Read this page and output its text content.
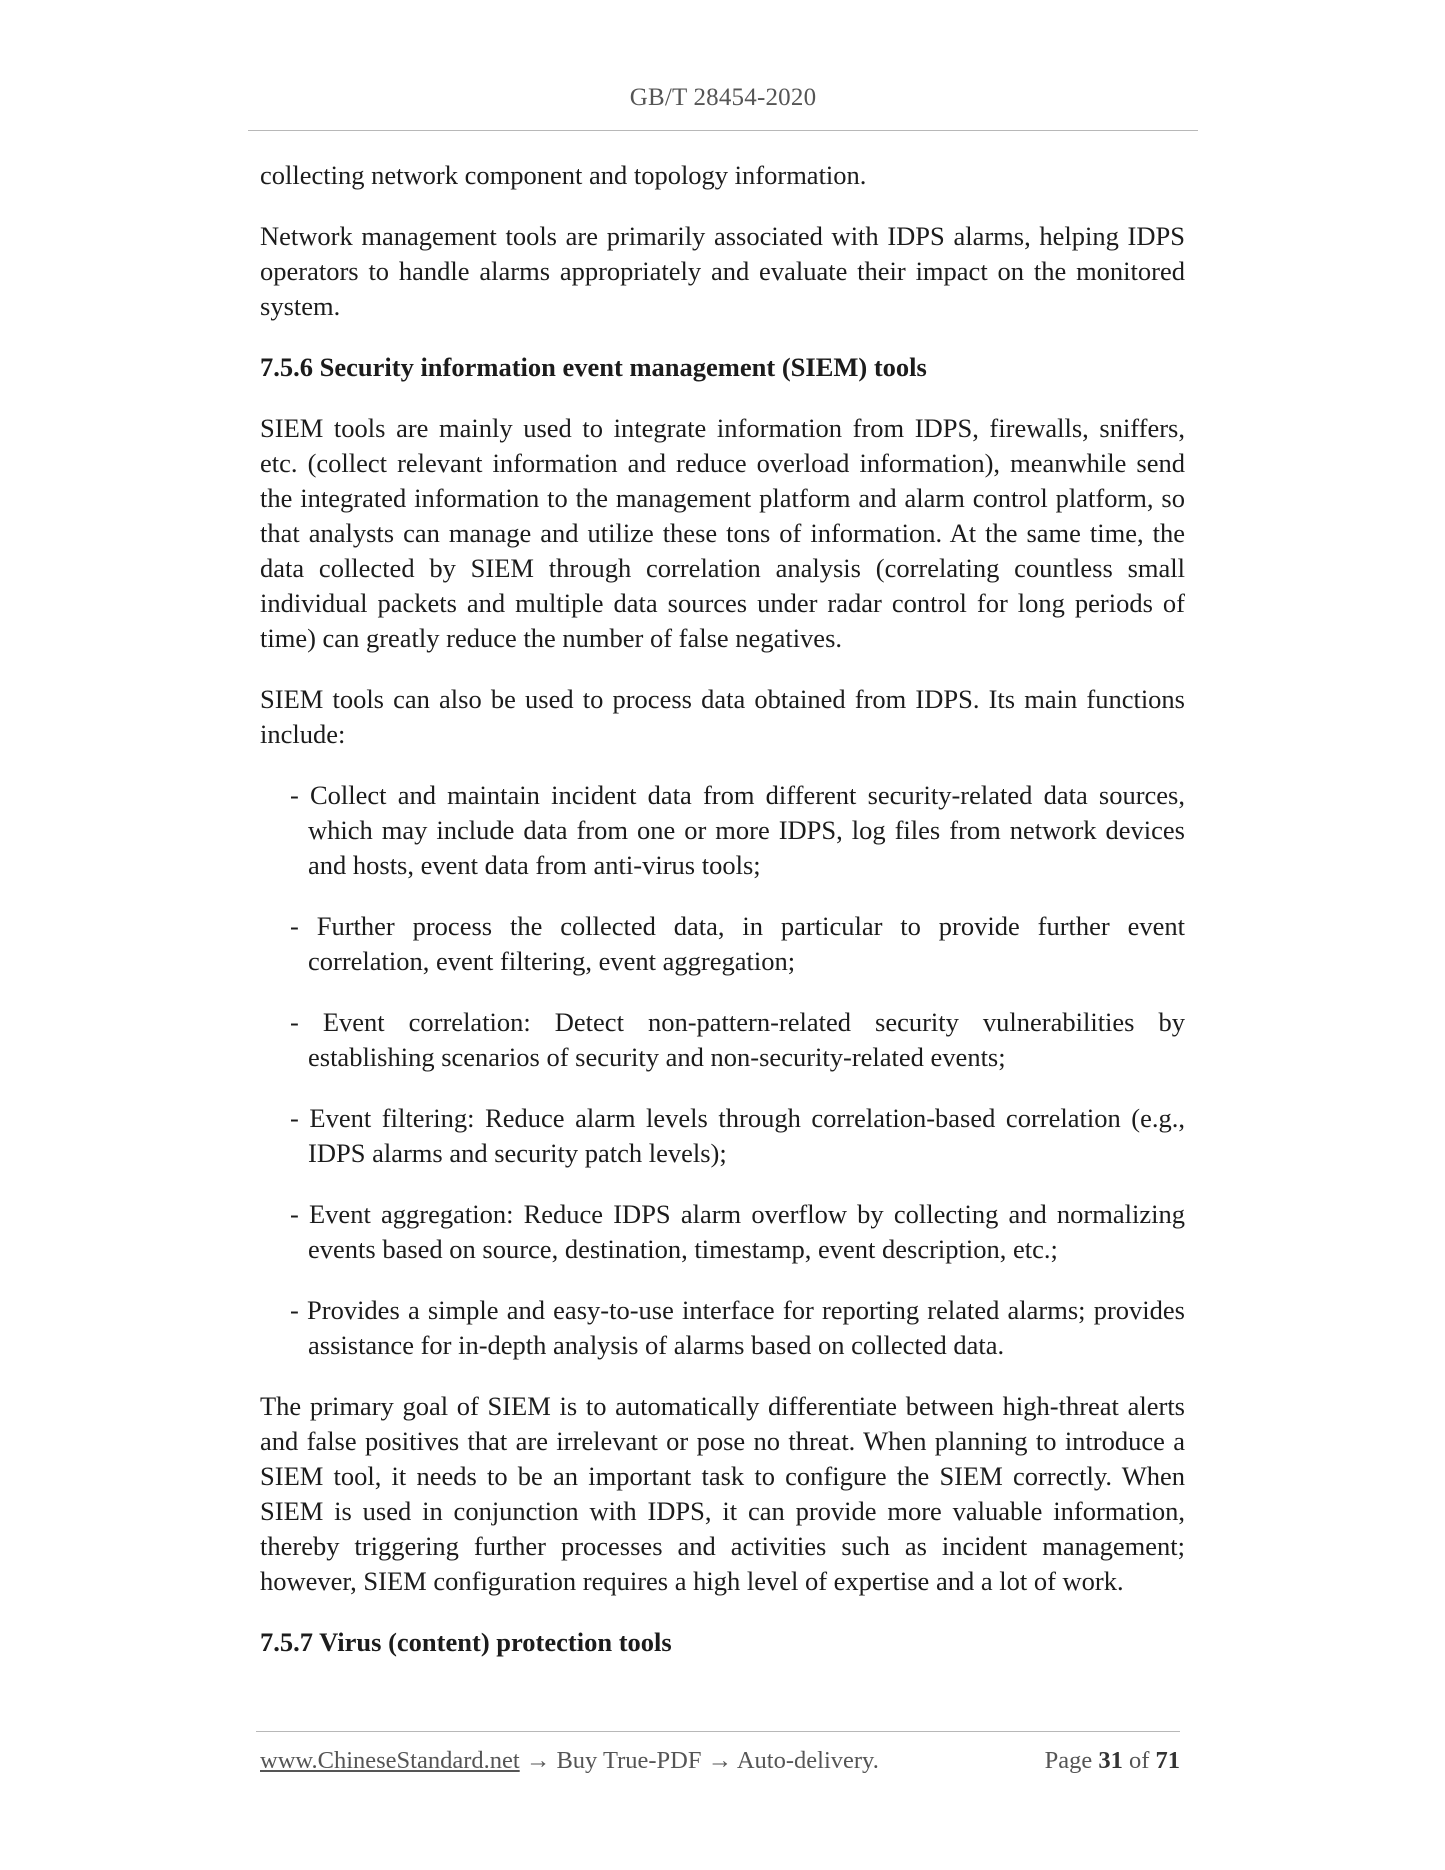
GB/T 28454-2020

collecting network component and topology information.

Network management tools are primarily associated with IDPS alarms, helping IDPS operators to handle alarms appropriately and evaluate their impact on the monitored system.

7.5.6 Security information event management (SIEM) tools

SIEM tools are mainly used to integrate information from IDPS, firewalls, sniffers, etc. (collect relevant information and reduce overload information), meanwhile send the integrated information to the management platform and alarm control platform, so that analysts can manage and utilize these tons of information. At the same time, the data collected by SIEM through correlation analysis (correlating countless small individual packets and multiple data sources under radar control for long periods of time) can greatly reduce the number of false negatives.

SIEM tools can also be used to process data obtained from IDPS. Its main functions include:

- Collect and maintain incident data from different security-related data sources, which may include data from one or more IDPS, log files from network devices and hosts, event data from anti-virus tools;
- Further process the collected data, in particular to provide further event correlation, event filtering, event aggregation;
- Event correlation: Detect non-pattern-related security vulnerabilities by establishing scenarios of security and non-security-related events;
- Event filtering: Reduce alarm levels through correlation-based correlation (e.g., IDPS alarms and security patch levels);
- Event aggregation: Reduce IDPS alarm overflow by collecting and normalizing events based on source, destination, timestamp, event description, etc.;
- Provides a simple and easy-to-use interface for reporting related alarms; provides assistance for in-depth analysis of alarms based on collected data.

The primary goal of SIEM is to automatically differentiate between high-threat alerts and false positives that are irrelevant or pose no threat. When planning to introduce a SIEM tool, it needs to be an important task to configure the SIEM correctly. When SIEM is used in conjunction with IDPS, it can provide more valuable information, thereby triggering further processes and activities such as incident management; however, SIEM configuration requires a high level of expertise and a lot of work.

7.5.7 Virus (content) protection tools
www.ChineseStandard.net → Buy True-PDF → Auto-delivery.	Page 31 of 71
